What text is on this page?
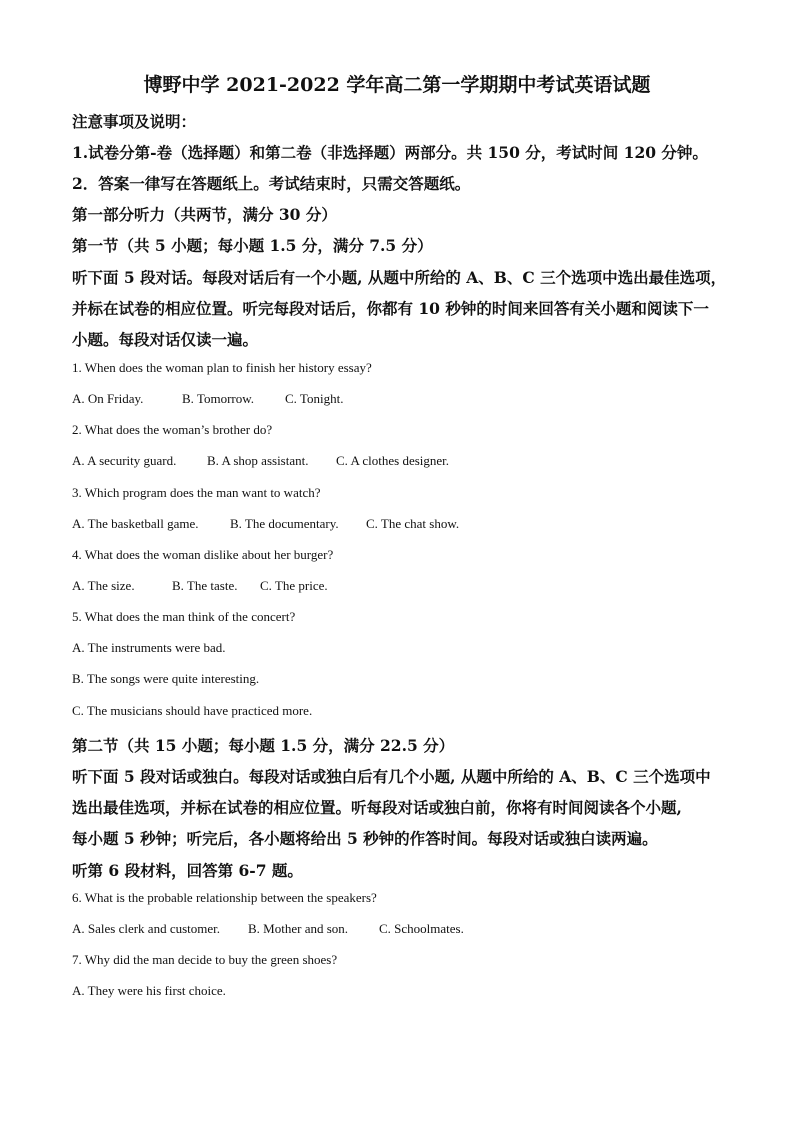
博野中学 2021-2022 学年高二第一学期期中考试英语试题
注意事项及说明：
1.试卷分第-卷（选择题）和第二卷（非选择题）两部分。共 150 分，考试时间 120 分钟。
2．答案一律写在答题纸上。考试结束时，只需交答题纸。
第一部分听力（共两节，满分 30 分）
第一节（共 5 小题；每小题 1.5 分，满分 7.5 分）
听下面 5 段对话。每段对话后有一个小题, 从题中所给的 A、B、C 三个选项中选出最佳选项，
并标在试卷的相应位置。听完每段对话后，你都有 10 秒钟的时间来回答有关小题和阅读下一
小题。每段对话仅读一遍。
1. When does the woman plan to finish her history essay?
A. On Friday.	B. Tomorrow. C. Tonight.
2. What does the woman’s brother do?
A. A security guard. B. A shop assistant. C. A clothes designer.
3. Which program does the man want to watch?
A. The basketball game. B. The documentary. C. The chat show.
4. What does the woman dislike about her burger?
A. The size.	B. The taste. C. The price.
5. What does the man think of the concert?
A. The instruments were bad.
B. The songs were quite interesting.
C. The musicians should have practiced more.
第二节（共 15 小题；每小题 1.5 分，满分 22.5 分）
听下面 5 段对话或独白。每段对话或独白后有几个小题, 从题中所给的 A、B、C 三个选项中
选出最佳选项，并标在试卷的相应位置。听每段对话或独白前，你将有时间阅读各个小题,
每小题 5 秒钟；听完后，各小题将给出 5 秒钟的作答时间。每段对话或独白读两遍。
听第 6 段材料，回答第 6-7 题。
6. What is the probable relationship between the speakers?
A. Sales clerk and customer. B. Mother and son. C. Schoolmates.
7. Why did the man decide to buy the green shoes?
A. They were his first choice.
